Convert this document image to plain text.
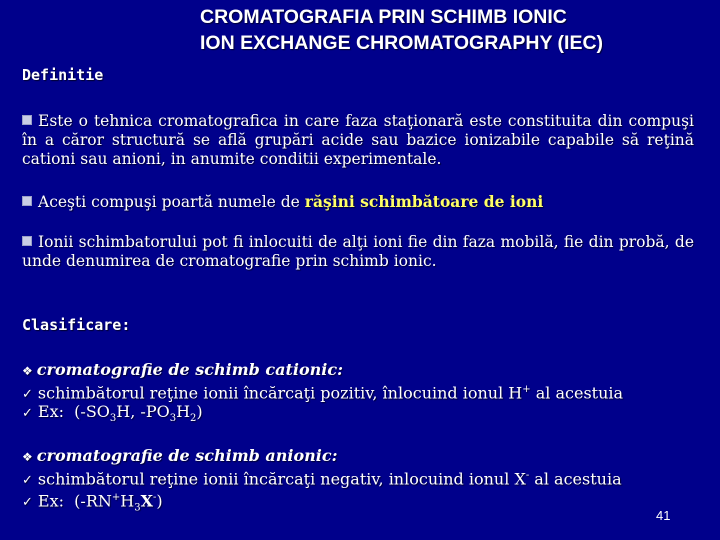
CROMATOGRAFIA PRIN SCHIMB IONIC
ION EXCHANGE CHROMATOGRAPHY (IEC)
Definitie
Este o tehnica cromatografica in care faza staţionară este constituita din compuşi în a căror structură se află grupări acide sau bazice ionizabile capabile să reţină cationi sau anioni, in anumite conditii experimentale.
Aceşti compuşi poartă numele de răşini schimbătoare de ioni
Ionii schimbatorului pot fi inlocuiti de alţi ioni fie din faza mobilă, fie din probă, de unde denumirea de cromatografie prin schimb ionic.
Clasificare:
❖ cromatografie de schimb cationic:
✓ schimbătorul reţine ionii încărcaţi pozitiv, înlocuind ionul H+ al acestuia
✓ Ex: ($-SO_3H$, $-PO_3H_2$)
❖ cromatografie de schimb anionic:
✓ schimbătorul reţine ionii încărcaţi negativ, inlocuind ionul X- al acestuia
✓ Ex: $(-RN^+H_3X^-)$
41
